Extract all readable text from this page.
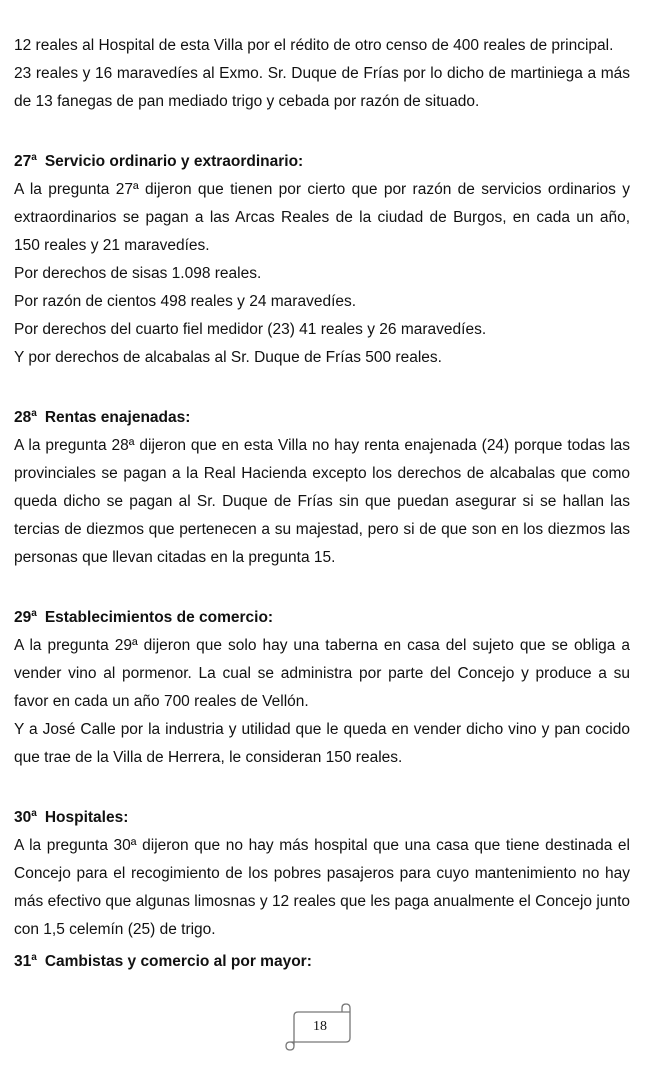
12 reales al Hospital de esta Villa por el rédito de otro censo de 400 reales de principal.

23 reales y 16 maravedíes al Exmo. Sr. Duque de Frías por lo dicho de martiniega a más de 13 fanegas de pan mediado trigo y cebada por razón de situado.

27$^a$ Servicio ordinario y extraordinario:

A la pregunta 27ª dijeron que tienen por cierto que por razón de servicios ordinarios y extraordinarios se pagan a las Arcas Reales de la ciudad de Burgos, en cada un año, 150 reales y 21 maravedíes.

Por derechos de sisas 1.098 reales.

Por razón de cientos 498 reales y 24 maravedíes.

Por derechos del cuarto fiel medidor (23) 41 reales y 26 maravedíes.

Y por derechos de alcabalas al Sr. Duque de Frías 500 reales.

28$^a$ Rentas enajenadas:

A la pregunta 28ª dijeron que en esta Villa no hay renta enajenada (24) porque todas las provinciales se pagan a la Real Hacienda excepto los derechos de alcabalas que como queda dicho se pagan al Sr. Duque de Frías sin que puedan asegurar si se hallan las tercias de diezmos que pertenecen a su majestad, pero si de que son en los diezmos las personas que llevan citadas en la pregunta 15.

29$^a$ Establecimientos de comercio:

A la pregunta 29ª dijeron que solo hay una taberna en casa del sujeto que se obliga a vender vino al pormenor. La cual se administra por parte del Concejo y produce a su favor en cada un año 700 reales de Vellón.

Y a José Calle por la industria y utilidad que le queda en vender dicho vino y pan cocido que trae de la Villa de Herrera, le consideran 150 reales.

30$^a$ Hospitales:

A la pregunta 30ª dijeron que no hay más hospital que una casa que tiene destinada el Concejo para el recogimiento de los pobres pasajeros para cuyo mantenimiento no hay más efectivo que algunas limosnas y 12 reales que les paga anualmente el Concejo junto con 1,5 celemín (25) de trigo.

31$^a$ Cambistas y comercio al por mayor:
18
